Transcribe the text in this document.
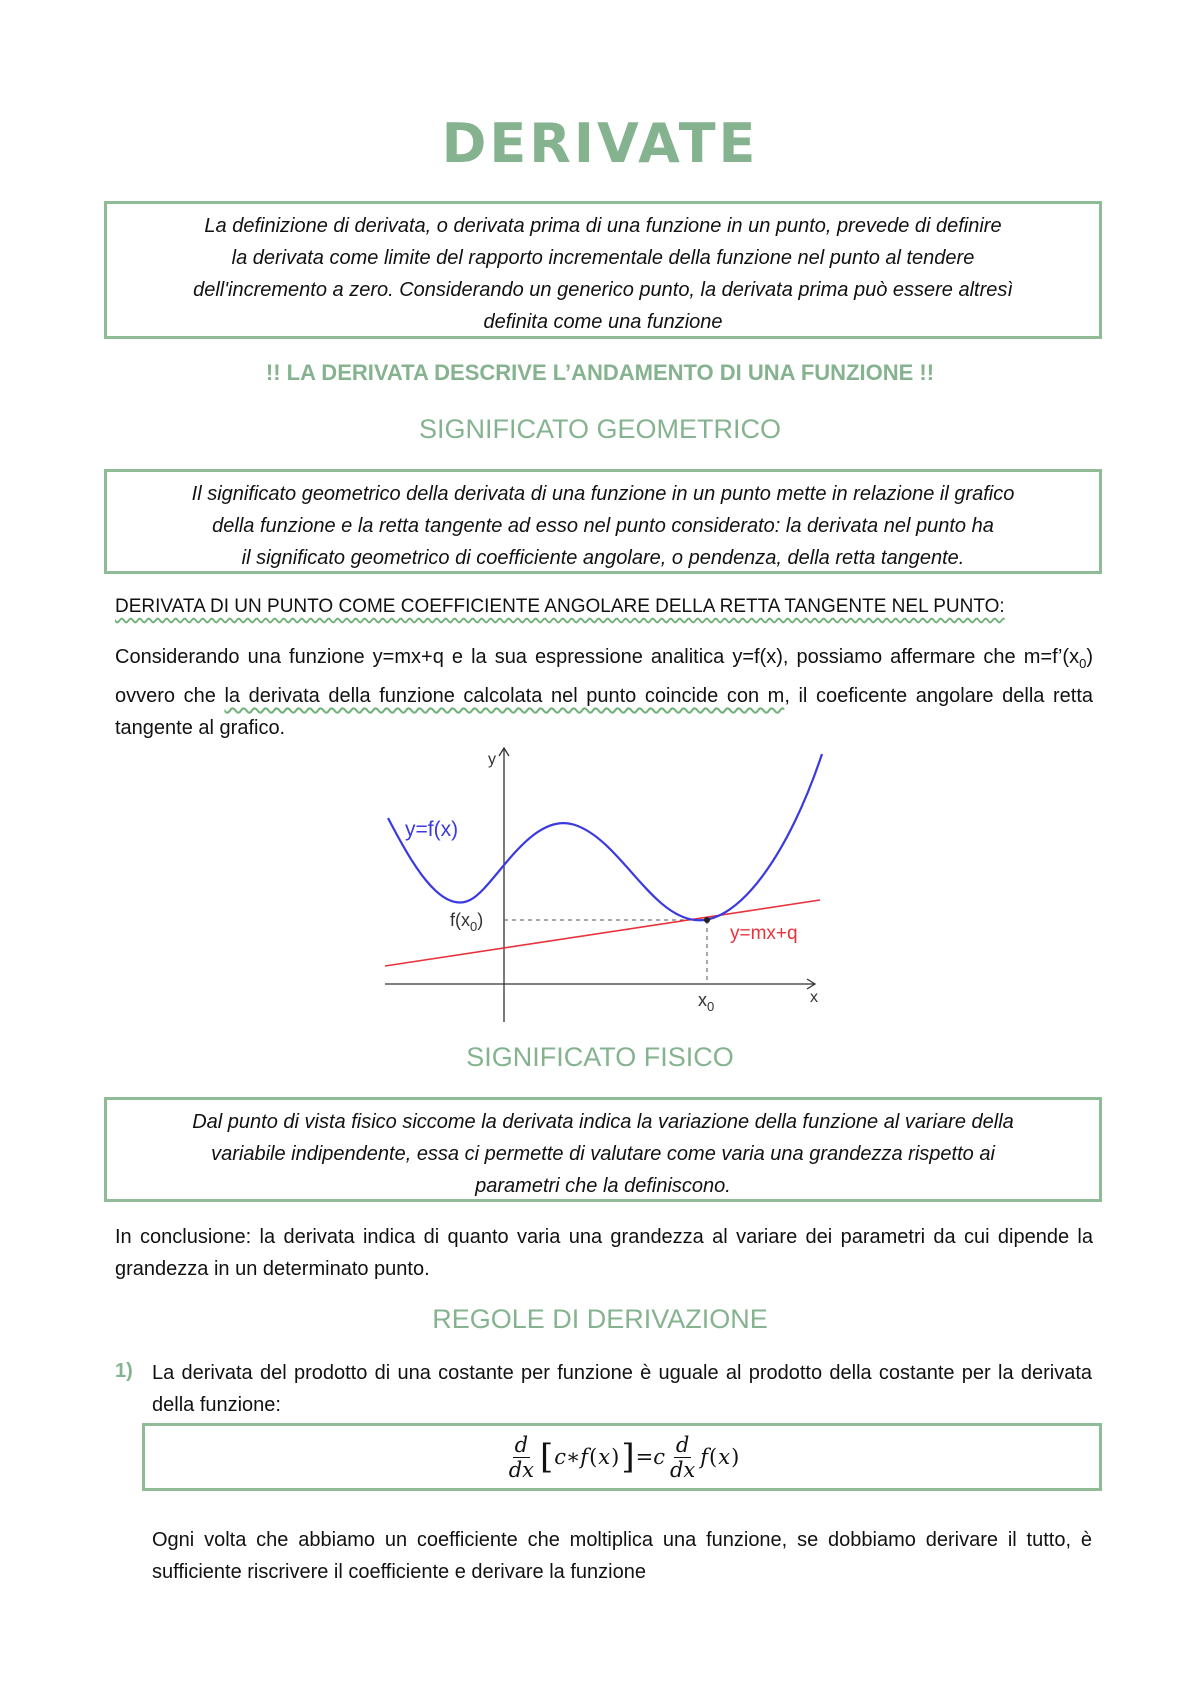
DERIVATE

La definizione di derivata, o derivata prima di una funzione in un punto, prevede di definire

la derivata come limite del rapporto incrementale della funzione nel punto al tendere

dell'incremento a zero. Considerando un generico punto, la derivata prima può essere altresì

definita come una funzione

!! LA DERIVATA DESCRIVE L’ANDAMENTO DI UNA FUNZIONE !!

SIGNIFICATO GEOMETRICO

Il significato geometrico della derivata di una funzione in un punto mette in relazione il grafico

della funzione e la retta tangente ad esso nel punto considerato: la derivata nel punto ha

il significato geometrico di coefficiente angolare, o pendenza, della retta tangente.

DERIVATA DI UN PUNTO COME COEFFICIENTE ANGOLARE DELLA RETTA TANGENTE NEL PUNTO:

Considerando una funzione y=mx+q e la sua espressione analitica y=f(x), possiamo affermare che $m=f’(x_0)$ ovvero che la derivata della funzione calcolata nel punto coincide con m, il coeficente angolare della retta tangente al grafico.

y
x
y=f(x)
y=mx+q
$f(x_0)$
$x_0$
SIGNIFICATO FISICO

Dal punto di vista fisico siccome la derivata indica la variazione della funzione al variare della

variabile indipendente, essa ci permette di valutare come varia una grandezza rispetto ai

parametri che la definiscono.

In conclusione: la derivata indica di quanto varia una grandezza al variare dei parametri da cui dipende la grandezza in un determinato punto.

REGOLE DI DERIVAZIONE
1) La derivata del prodotto di una costante per funzione è uguale al prodotto della costante per la derivata della funzione:

$\frac{d}{dx}$ [ c∗f ( x ) ] $=c \frac{d}{dx}$ f ( x )

Ogni volta che abbiamo un coefficiente che moltiplica una funzione, se dobbiamo derivare il tutto, è sufficiente riscrivere il coefficiente e derivare la funzione
